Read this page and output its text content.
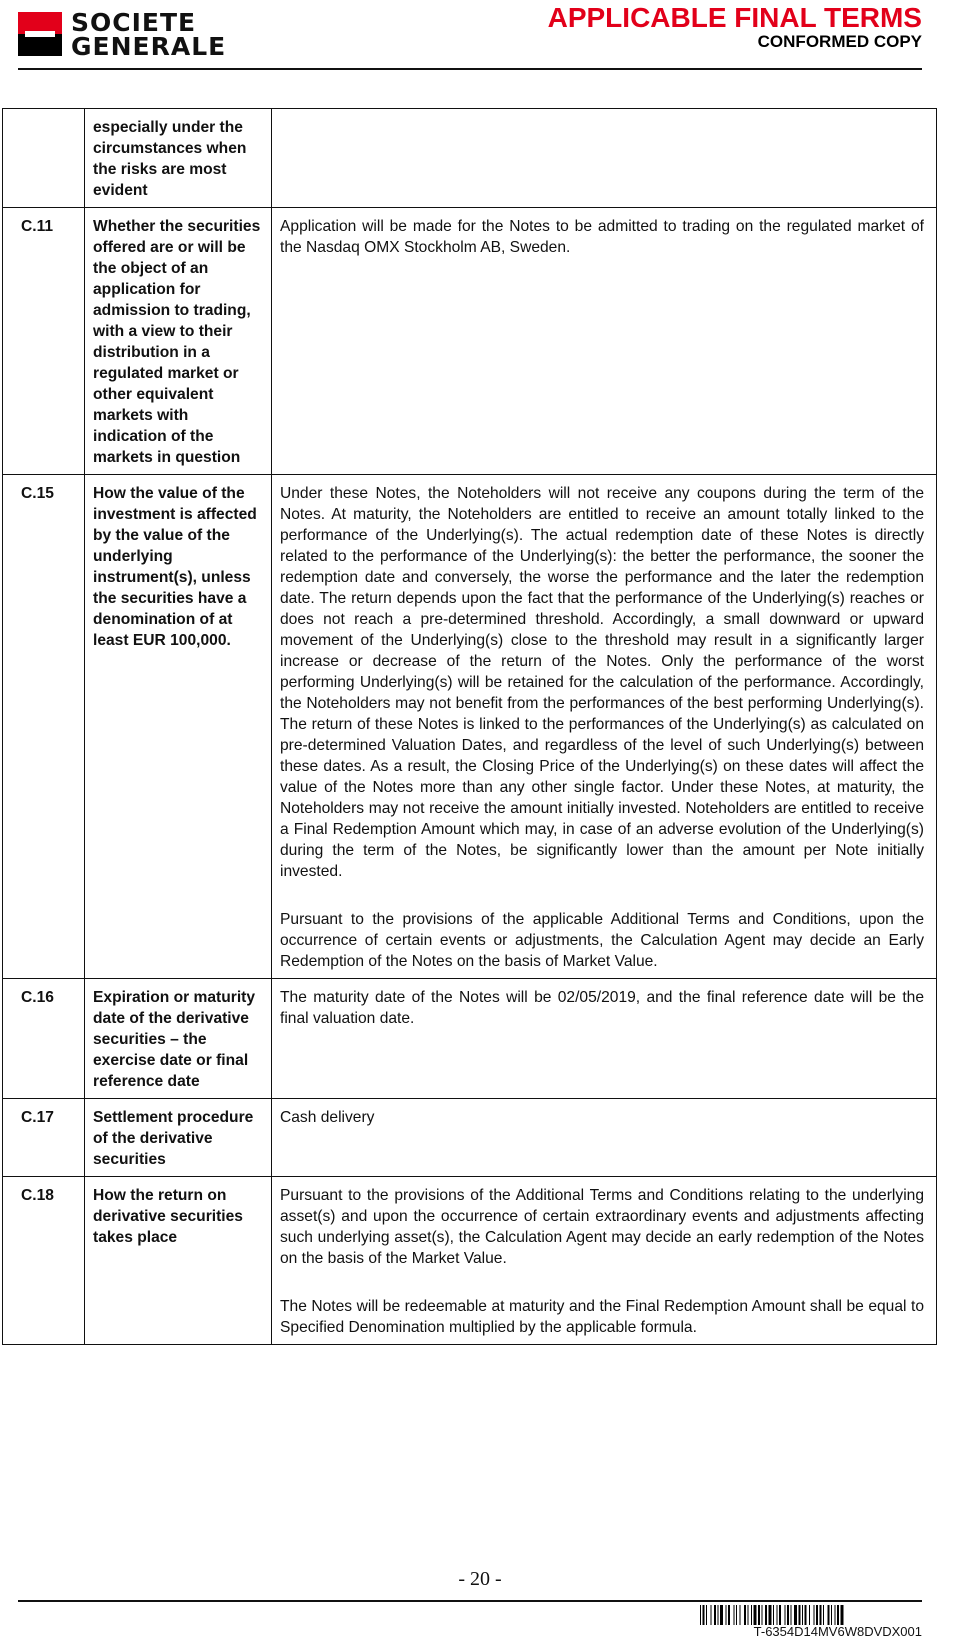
SOCIETE
GENERALE
APPLICABLE FINAL TERMS
CONFORMED COPY
	especially under the circumstances when the risks are most evident	
C.11	Whether the securities offered are or will be the object of an application for admission to trading, with a view to their distribution in a regulated market or other equivalent markets with indication of the markets in question	Application will be made for the Notes to be admitted to trading on the regulated market of the Nasdaq OMX Stockholm AB, Sweden.

C.15	How the value of the investment is affected by the value of the underlying instrument(s), unless the securities have a denomination of at least EUR 100,000.	Under these Notes, the Noteholders will not receive any coupons during the term of the Notes. At maturity, the Noteholders are entitled to receive an amount totally linked to the performance of the Underlying(s). The actual redemption date of these Notes is directly related to the performance of the Underlying(s): the better the performance, the sooner the redemption date and conversely, the worse the performance and the later the redemption date. The return depends upon the fact that the performance of the Underlying(s) reaches or does not reach a pre-determined threshold. Accordingly, a small downward or upward movement of the Underlying(s) close to the threshold may result in a significantly larger increase or decrease of the return of the Notes. Only the performance of the worst performing Underlying(s) will be retained for the calculation of the performance. Accordingly, the Noteholders may not benefit from the performances of the best performing Underlying(s). The return of these Notes is linked to the performances of the Underlying(s) as calculated on pre-determined Valuation Dates, and regardless of the level of such Underlying(s) between these dates. As a result, the Closing Price of the Underlying(s) on these dates will affect the value of the Notes more than any other single factor. Under these Notes, at maturity, the Noteholders may not receive the amount initially invested. Noteholders are entitled to receive a Final Redemption Amount which may, in case of an adverse evolution of the Underlying(s) during the term of the Notes, be significantly lower than the amount per Note initially invested.

Pursuant to the provisions of the applicable Additional Terms and Conditions, upon the occurrence of certain events or adjustments, the Calculation Agent may decide an Early Redemption of the Notes on the basis of Market Value.

C.16	Expiration or maturity date of the derivative securities – the exercise date or final reference date	The maturity date of the Notes will be 02/05/2019, and the final reference date will be the final valuation date.

C.17	Settlement procedure of the derivative securities	Cash delivery

C.18	How the return on derivative securities takes place	Pursuant to the provisions of the Additional Terms and Conditions relating to the underlying asset(s) and upon the occurrence of certain extraordinary events and adjustments affecting such underlying asset(s), the Calculation Agent may decide an early redemption of the Notes on the basis of the Market Value.

The Notes will be redeemable at maturity and the Final Redemption Amount shall be equal to Specified Denomination multiplied by the applicable formula.

- 20 -
T-6354D14MV6W8DVDX001
